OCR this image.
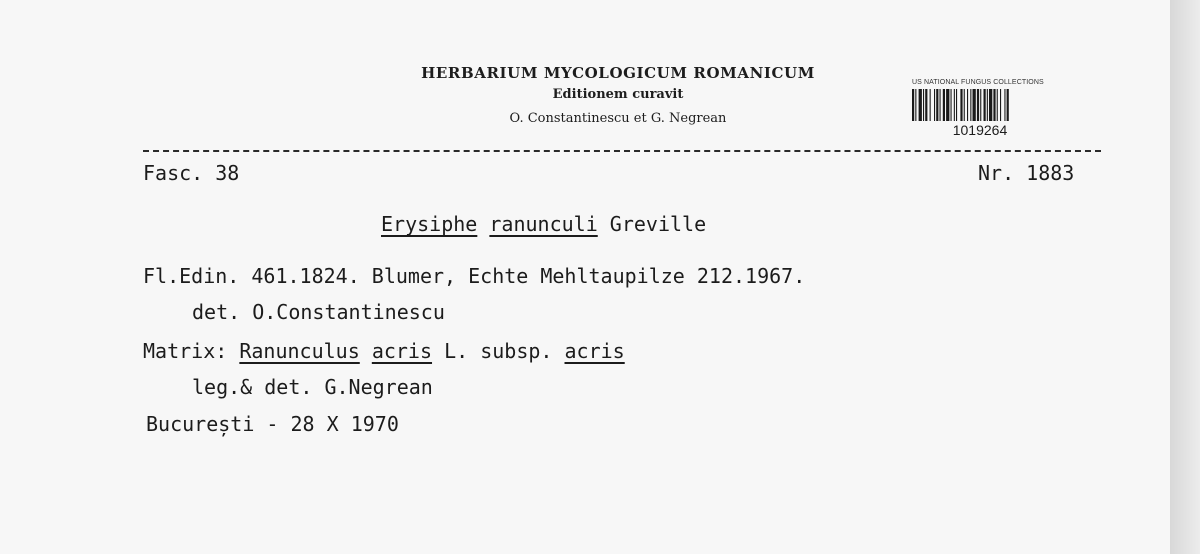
HERBARIUM MYCOLOGICUM ROMANICUM
Editionem curavit
O. Constantinescu et G. Negrean
US NATIONAL FUNGUS COLLECTIONS
1019264
Fasc. 38	Nr. 1883
Erysiphe ranunculi Greville
Fl.Edin. 461.1824. Blumer, Echte Mehltaupilze 212.1967.
det. O.Constantinescu
Matrix: Ranunculus acris L. subsp. acris
leg.& det. G.Negrean
București - 28 X 1970
